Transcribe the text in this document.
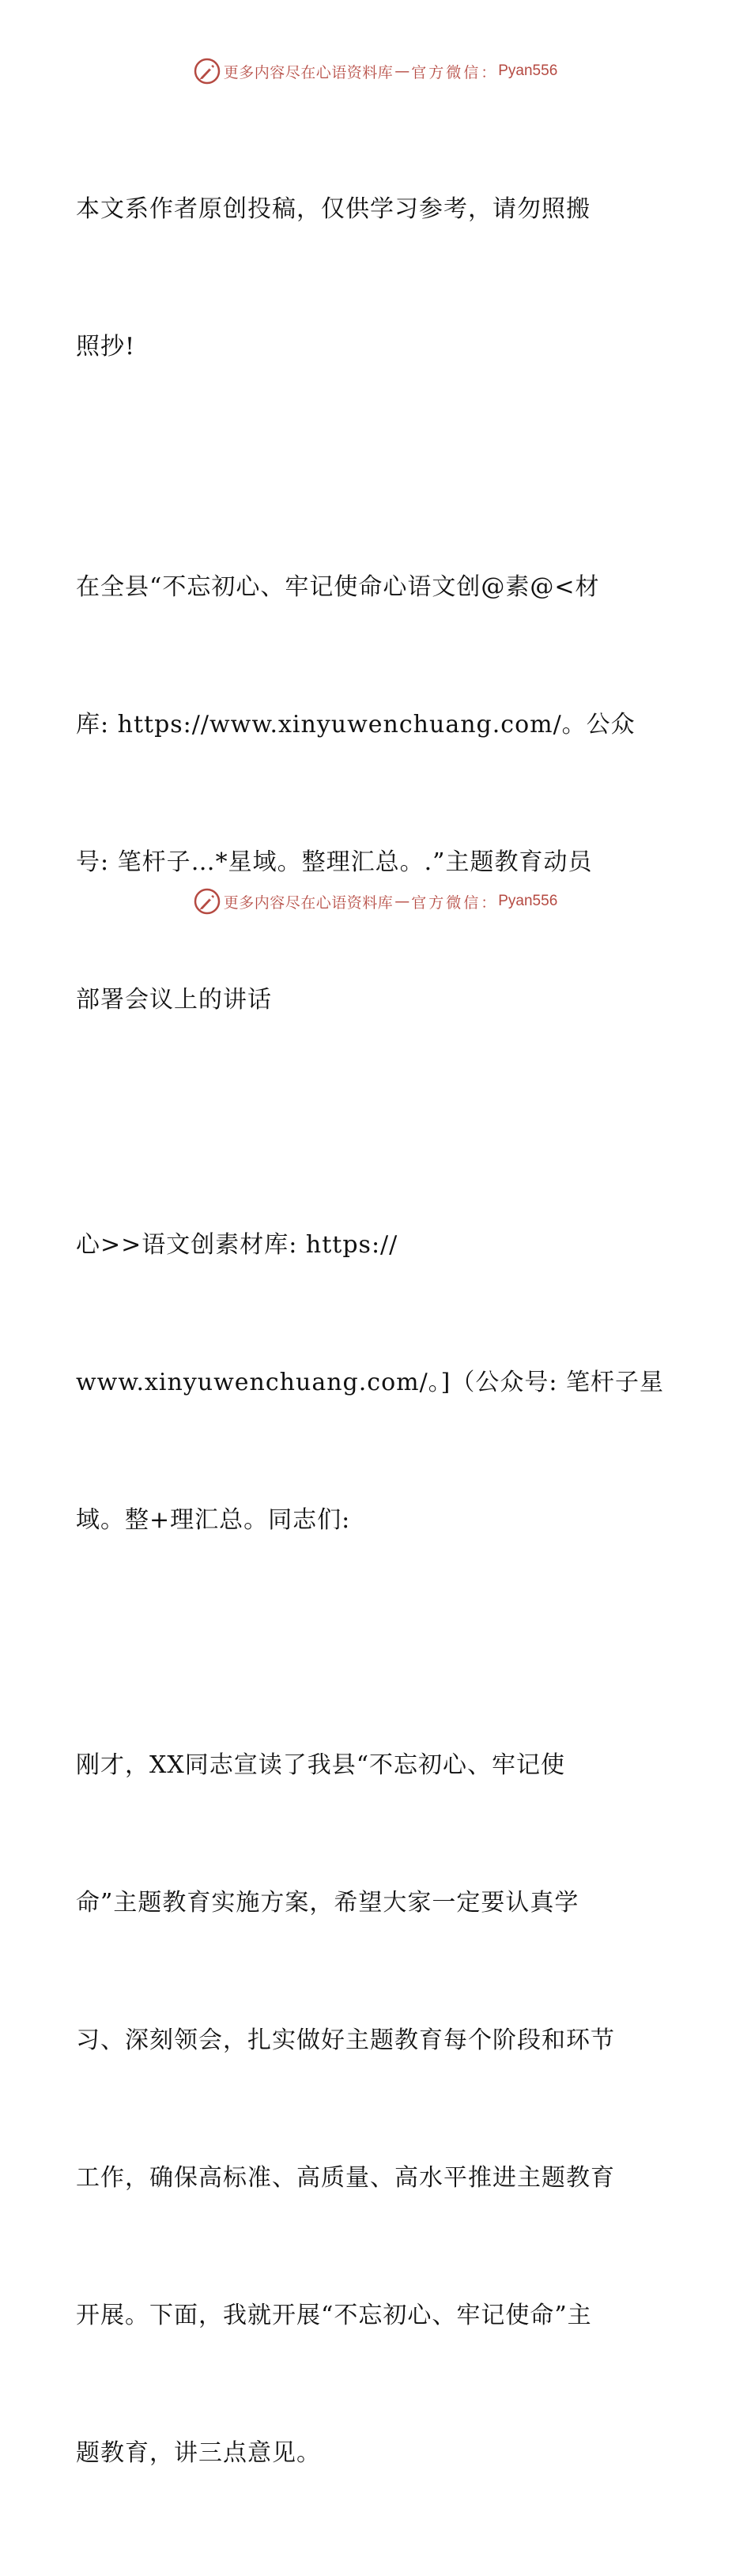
更多内容尽在心语资料库 — 官方微信： Pyan556

本文系作者原创投稿，仅供学习参考，请勿照搬

照抄!

在全县“不忘初心、牢记使命心语文创@素@<材

库: https://www.xinyuwenchuang.com/。公众

号: 笔杆子…*星域。整理汇总。.”主题教育动员

部署会议上的讲话

心>>语文创素材库: https://

www.xinyuwenchuang.com/。]（公众号: 笔杆子星

域。整+理汇总。同志们:

刚才，XX同志宣读了我县“不忘初心、牢记使

命”主题教育实施方案，希望大家一定要认真学

习、深刻领会，扎实做好主题教育每个阶段和环节

工作，确保高标准、高质量、高水平推进主题教育

开展。下面，我就开展“不忘初心、牢记使命”主

题教育，讲三点意见。

更多内容尽在心语资料库 — 官方微信： Pyan556
